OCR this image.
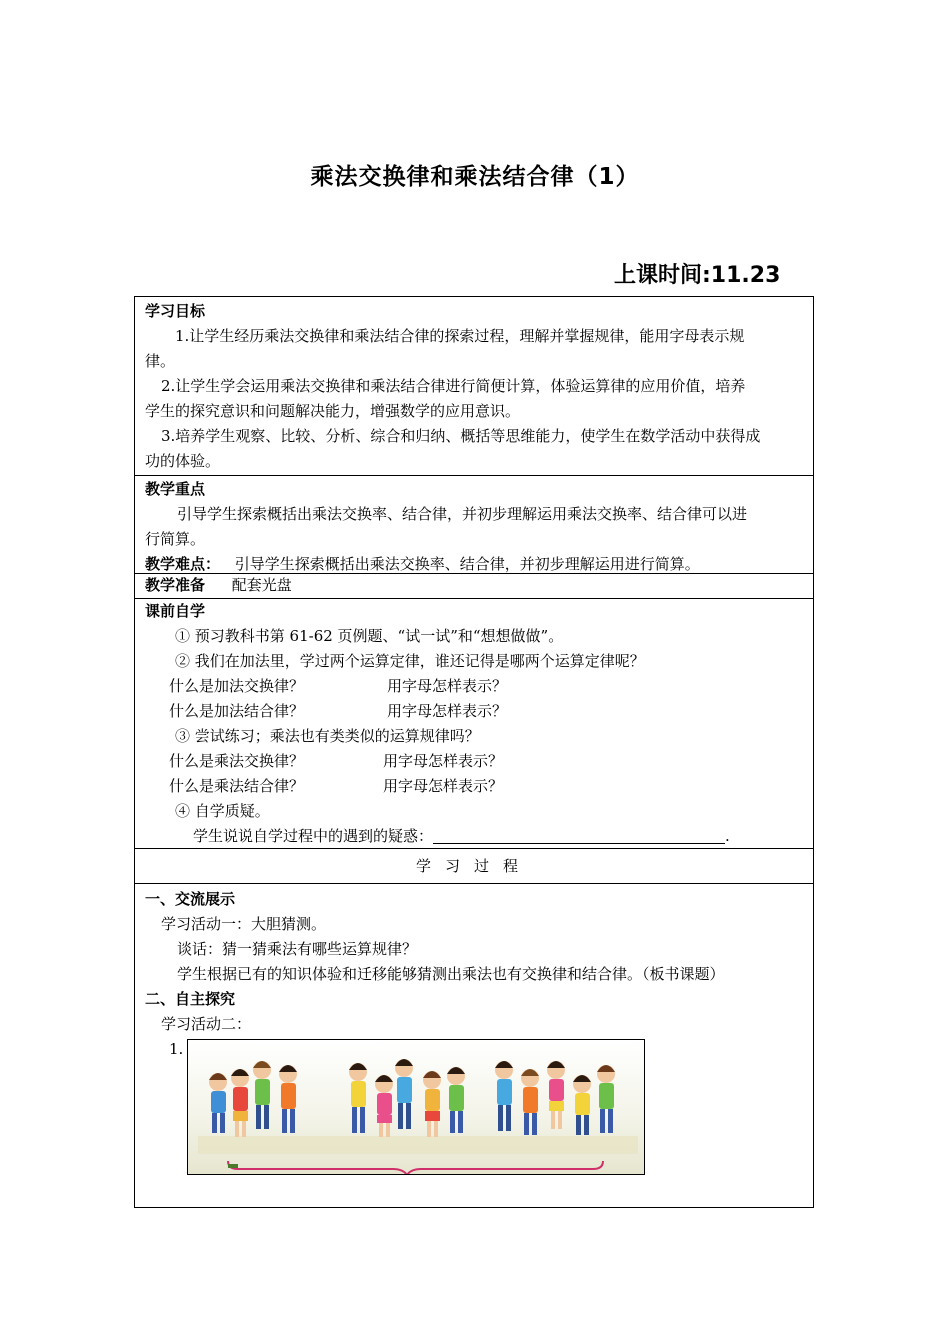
乘法交换律和乘法结合律（1）
上课时间:11.23
学习目标
1.让学生经历乘法交换律和乘法结合律的探索过程，理解并掌握规律，能用字母表示规
律。
2.让学生学会运用乘法交换律和乘法结合律进行简便计算，体验运算律的应用价值，培养
学生的探究意识和问题解决能力，增强数学的应用意识。
3.培养学生观察、比较、分析、综合和归纳、概括等思维能力，使学生在数学活动中获得成
功的体验。
教学重点
引导学生探索概括出乘法交换率、结合律，并初步理解运用乘法交换率、结合律可以进
行简算。
教学难点： 引导学生探索概括出乘法交换率、结合律，并初步理解运用进行简算。
教学准备 配套光盘
课前自学
① 预习教科书第 61-62 页例题、“试一试”和“想想做做”。
② 我们在加法里，学过两个运算定律，谁还记得是哪两个运算定律呢？
什么是加法交换律？	用字母怎样表示？
什么是加法结合律？	用字母怎样表示？
③ 尝试练习；乘法也有类类似的运算规律吗？
什么是乘法交换律？	用字母怎样表示？
什么是乘法结合律？	用字母怎样表示？
④ 自学质疑。
学生说说自学过程中的遇到的疑惑：	.
学习过程
一、交流展示
学习活动一：大胆猜测。
谈话：猜一猜乘法有哪些运算规律？
学生根据已有的知识体验和迁移能够猜测出乘法也有交换律和结合律。（板书课题）
二、自主探究
学习活动二：
1.
